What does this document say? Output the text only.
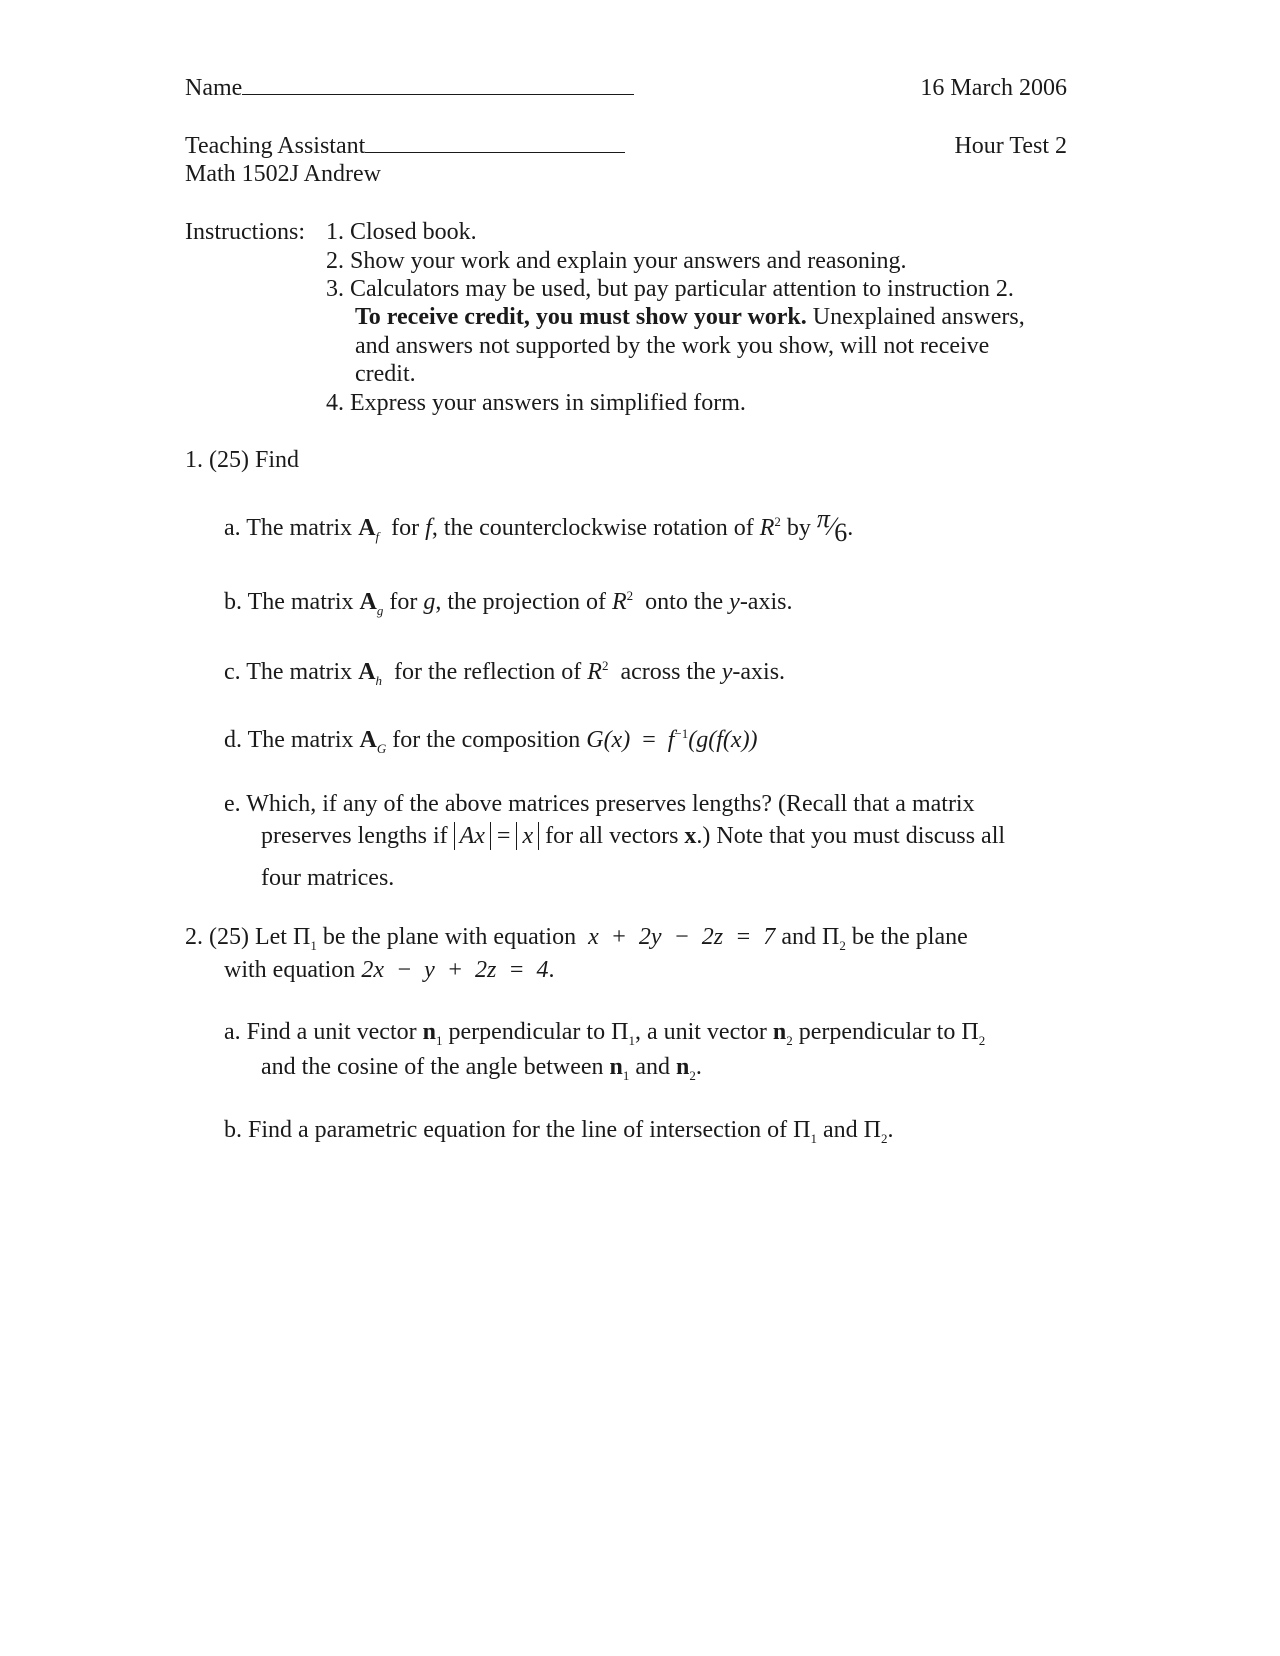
Name	16 March 2006
Teaching Assistant	Hour Test 2
Math 1502J Andrew
Instructions: 1. Closed book.
2. Show your work and explain your answers and reasoning.
3. Calculators may be used, but pay particular attention to instruction 2.
To receive credit, you must show your work. Unexplained answers,
and answers not supported by the work you show, will not receive
credit.
4. Express your answers in simplified form.
1. (25) Find
a. The matrix $A_f$ for f, the counterclockwise rotation of $R^2$ by π⁄6.
b. The matrix $A_g$ for g, the projection of $R^2$ onto the y-axis.
c. The matrix $A_h$ for the reflection of $R^2$ across the y-axis.
d. The matrix $A_G$ for the composition $G(x) = f^{-1}(g(f(x))$
e. Which, if any of the above matrices preserves lengths? (Recall that a matrix
preserves lengths if Ax = x for all vectors x.) Note that you must discuss all
four matrices.
2. (25) Let $\Pi_1$ be the plane with equation x + 2y − 2z = 7 and $\Pi_2$ be the plane
with equation 2x − y + 2z = 4.
a. Find a unit vector $n_1$ perpendicular to $\Pi_1$, a unit vector $n_2$ perpendicular to $\Pi_2$
and the cosine of the angle between $n_1$ and $n_2$.
b. Find a parametric equation for the line of intersection of $\Pi_1$ and $\Pi_2$.
